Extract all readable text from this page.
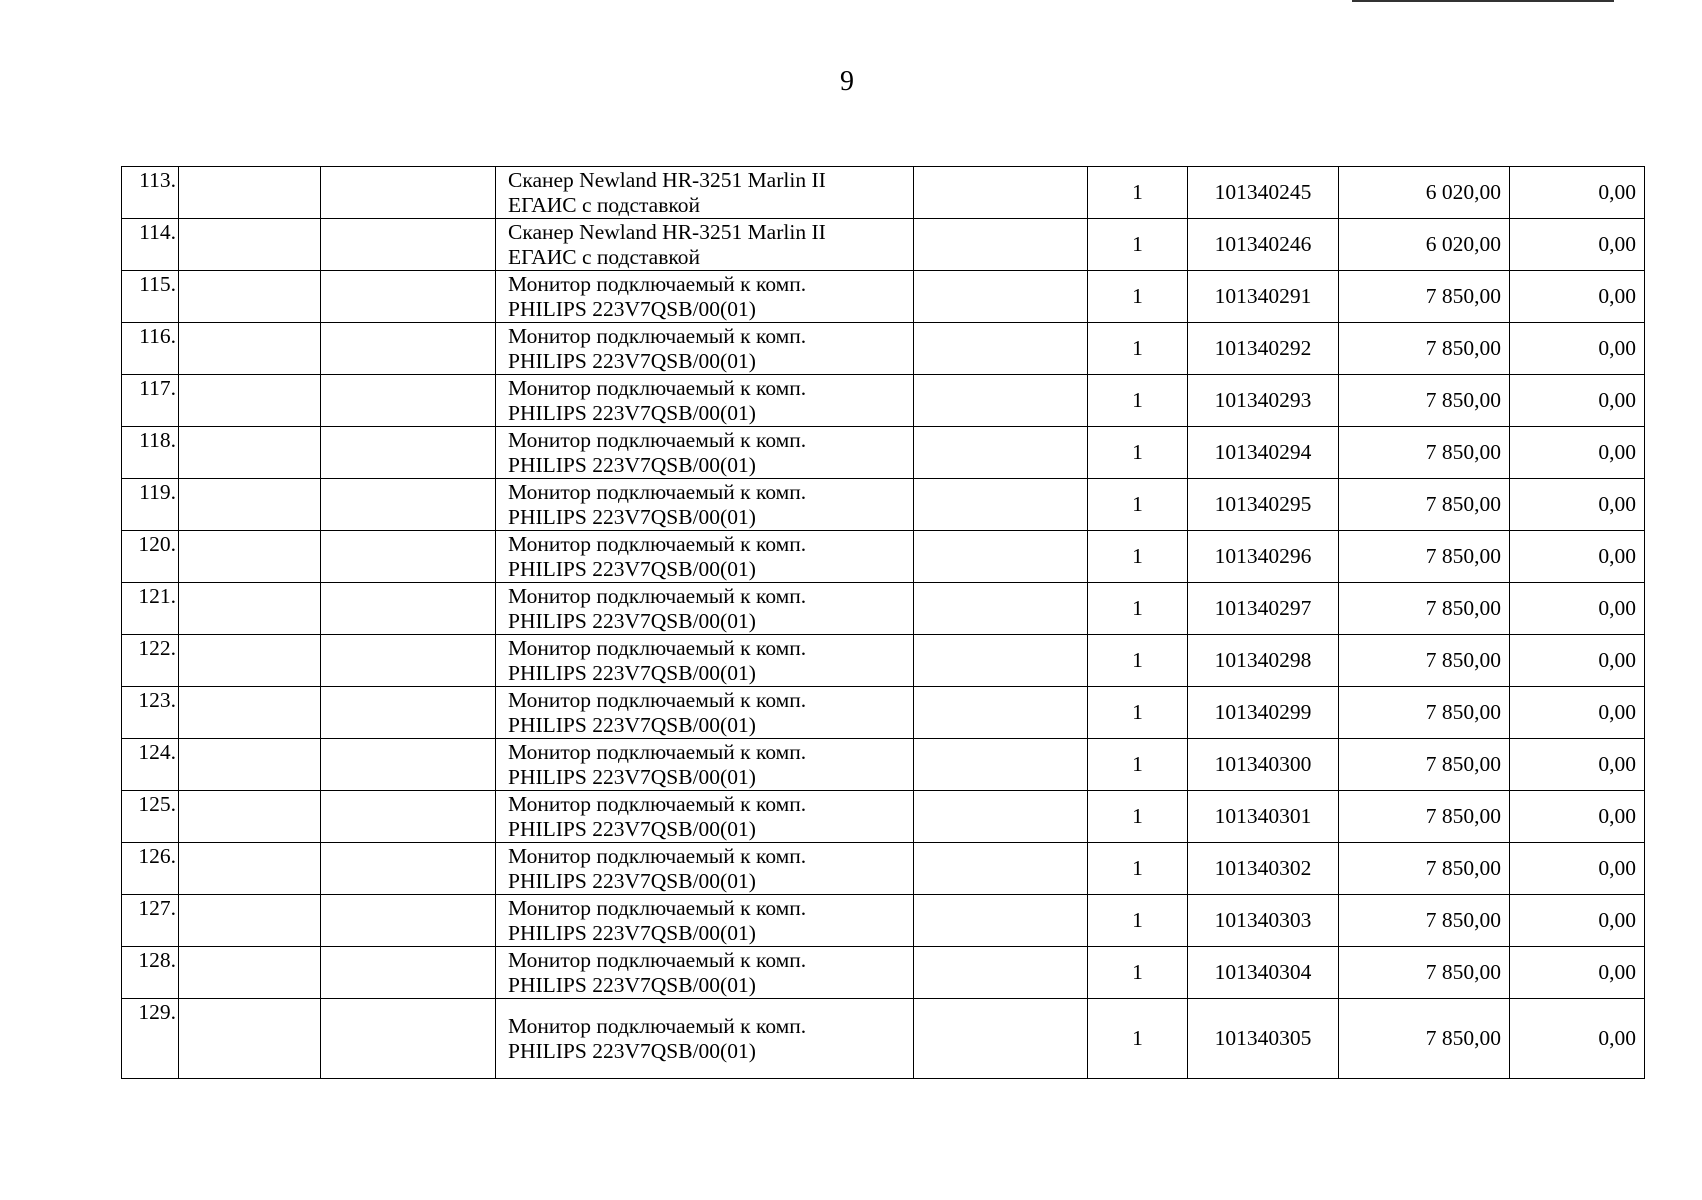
9
113.			Сканер Newland HR-3251 Marlin II
ЕГАИС с подставкой		1	101340245	6 020,00	0,00
114.			Сканер Newland HR-3251 Marlin II
ЕГАИС с подставкой		1	101340246	6 020,00	0,00
115.			Монитор подключаемый к комп.
PHILIPS 223V7QSB/00(01)		1	101340291	7 850,00	0,00
116.			Монитор подключаемый к комп.
PHILIPS 223V7QSB/00(01)		1	101340292	7 850,00	0,00
117.			Монитор подключаемый к комп.
PHILIPS 223V7QSB/00(01)		1	101340293	7 850,00	0,00
118.			Монитор подключаемый к комп.
PHILIPS 223V7QSB/00(01)		1	101340294	7 850,00	0,00
119.			Монитор подключаемый к комп.
PHILIPS 223V7QSB/00(01)		1	101340295	7 850,00	0,00
120.			Монитор подключаемый к комп.
PHILIPS 223V7QSB/00(01)		1	101340296	7 850,00	0,00
121.			Монитор подключаемый к комп.
PHILIPS 223V7QSB/00(01)		1	101340297	7 850,00	0,00
122.			Монитор подключаемый к комп.
PHILIPS 223V7QSB/00(01)		1	101340298	7 850,00	0,00
123.			Монитор подключаемый к комп.
PHILIPS 223V7QSB/00(01)		1	101340299	7 850,00	0,00
124.			Монитор подключаемый к комп.
PHILIPS 223V7QSB/00(01)		1	101340300	7 850,00	0,00
125.			Монитор подключаемый к комп.
PHILIPS 223V7QSB/00(01)		1	101340301	7 850,00	0,00
126.			Монитор подключаемый к комп.
PHILIPS 223V7QSB/00(01)		1	101340302	7 850,00	0,00
127.			Монитор подключаемый к комп.
PHILIPS 223V7QSB/00(01)		1	101340303	7 850,00	0,00
128.			Монитор подключаемый к комп.
PHILIPS 223V7QSB/00(01)		1	101340304	7 850,00	0,00
129.			Монитор подключаемый к комп.
PHILIPS 223V7QSB/00(01)		1	101340305	7 850,00	0,00
